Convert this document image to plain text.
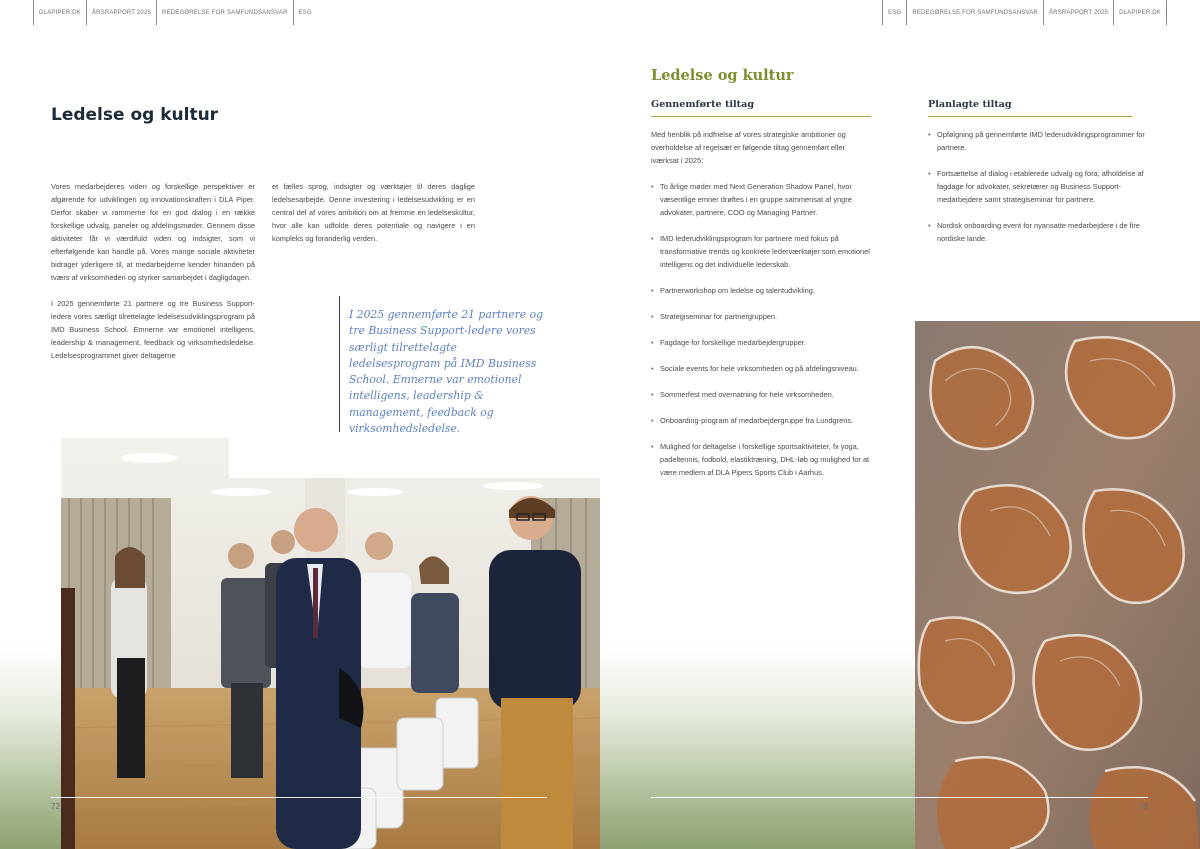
DLAPIPER.DK	ÅRSRAPPORT 2025	REDEGØRELSE FOR SAMFUNDSANSVAR	ESG
Ledelse og kultur

Vores medarbejderes viden og forskellige perspektiver er afgørende for udviklingen og innovationskraften i DLA Piper. Derfor skaber vi rammerne for en god dialog i en række forskellige udvalg, paneler og afdelingsmøder. Gennem disse aktiviteter får vi værdifuld viden og indsigter, som vi efterfølgende kan handle på. Vores mange sociale aktiviteter bidrager yderligere til, at medarbejderne kender hinanden på tværs af virksomheden og styrker samarbejdet i dagligdagen.

I 2025 gennemførte 21 partnere og tre Business Support-ledere vores særligt tilrettelagte ledelsesudviklingsprogram på IMD Business School. Emnerne var emotionel intelligens, leadership & management, feedback og virksomhedsledelse. Ledelsesprogrammet giver deltagerne

et fælles sprog, indsigter og værktøjer til deres daglige ledelsesarbejde. Denne investering i ledelsesudvikling er en central del af vores ambition om at fremme en ledelseskultur, hvor alle kan udfolde deres potentiale og navigere i en kompleks og foranderlig verden.

I 2025 gennemførte 21 partnere og tre Business Support-ledere vores særligt tilrettelagte ledelsesprogram på IMD Business School. Emnerne var emotionel intelligens, leadership & management, feedback og virksomhedsledelse.
72
ESG	REDEGØRELSE FOR SAMFUNDSANSVAR	ÅRSRAPPORT 2025	DLAPIPER.DK
Ledelse og kultur
Gennemførte tiltag	Planlagte tiltag

Med henblik på indfrielse af vores strategiske ambitioner og overholdelse af regelsæt er følgende tiltag gennemført eller iværksat i 2025:

• To årlige møder med Next Generation Shadow Panel, hvor væsentlige emner drøftes i en gruppe sammensat af yngre advokater, partnere, COO og Managing Partner.
• IMD lederudviklingsprogram for partnere med fokus på transformative trends og konkrete lederværktøjer som emotionel intelligens og det individuelle lederskab.
• Partnerworkshop om ledelse og talentudvikling.
• Strategiseminar for partnergruppen.
• Fagdage for forskellige medarbejdergrupper.
• Sociale events for hele virksomheden og på afdelingsniveau.
• Sommerfest med overnatning for hele virksomheden.
• Onboarding-program af medarbejdergruppe fra Lundgrens.
• Mulighed for deltagelse i forskellige sportsaktiviteter, fx yoga, padeltennis, fodbold, elastiktræning, DHL-løb og mulighed for at være medlem af DLA Pipers Sports Club i Aarhus.
• Opfølgning på gennemførte IMD lederudviklingsprogrammer for partnere.
• Fortsættelse af dialog i etablerede udvalg og fora; afholdelse af fagdage for advokater, sekretærer og Business Support-medarbejdere samt strategiseminar for partnere.
• Nordisk onboarding event for nyansatte medarbejdere i de fire nordiske lande.
73
